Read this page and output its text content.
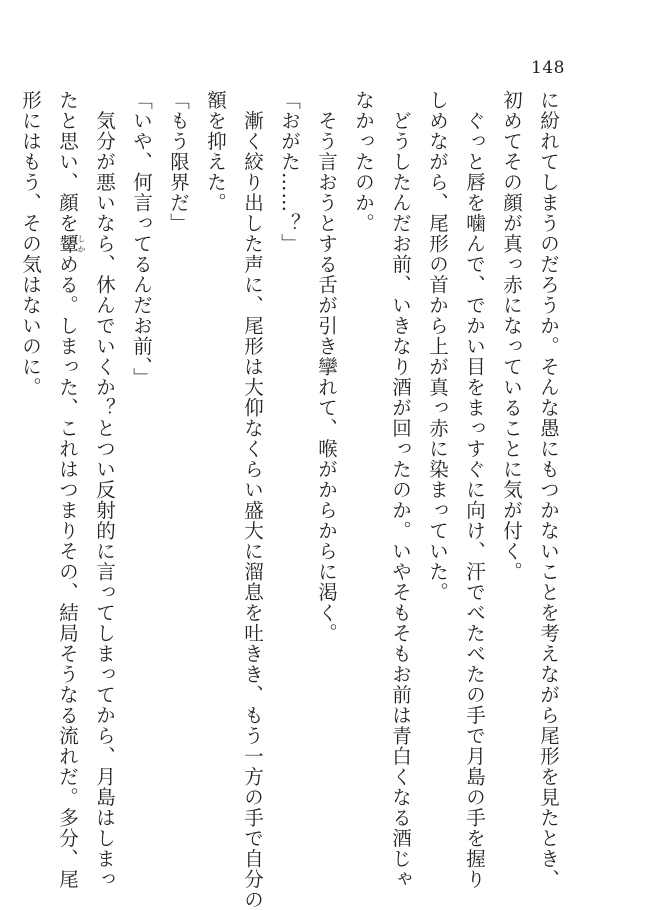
148
に紛れてしまうのだろうか。そんな愚にもつかないことを考えながら尾形を見たとき、
初めてその顔が真っ赤になっていることに気が付く。
　ぐっと唇を噛んで、でかい目をまっすぐに向け、汗でべたべたの手で月島の手を握り
しめながら、尾形の首から上が真っ赤に染まっていた。
　どうしたんだお前、いきなり酒が回ったのか。いやそもそもお前は青白くなる酒じゃ
なかったのか。
　そう言おうとする舌が引き攣れて、喉がからからに渇く。
「おがた……？」
　漸く絞り出した声に、尾形は大仰なくらい盛大に溜息を吐きき、もう一方の手で自分の
額を抑えた。
「もう限界だ」
「いや、何言ってるんだお前、」
　気分が悪いなら、休んでいくか？とつい反射的に言ってしまってから、月島はしまっ
たと思い、顔を顰しかめる。しまった、これはつまりその、結局そうなる流れだ。多分、尾
形にはもう、その気はないのに。
